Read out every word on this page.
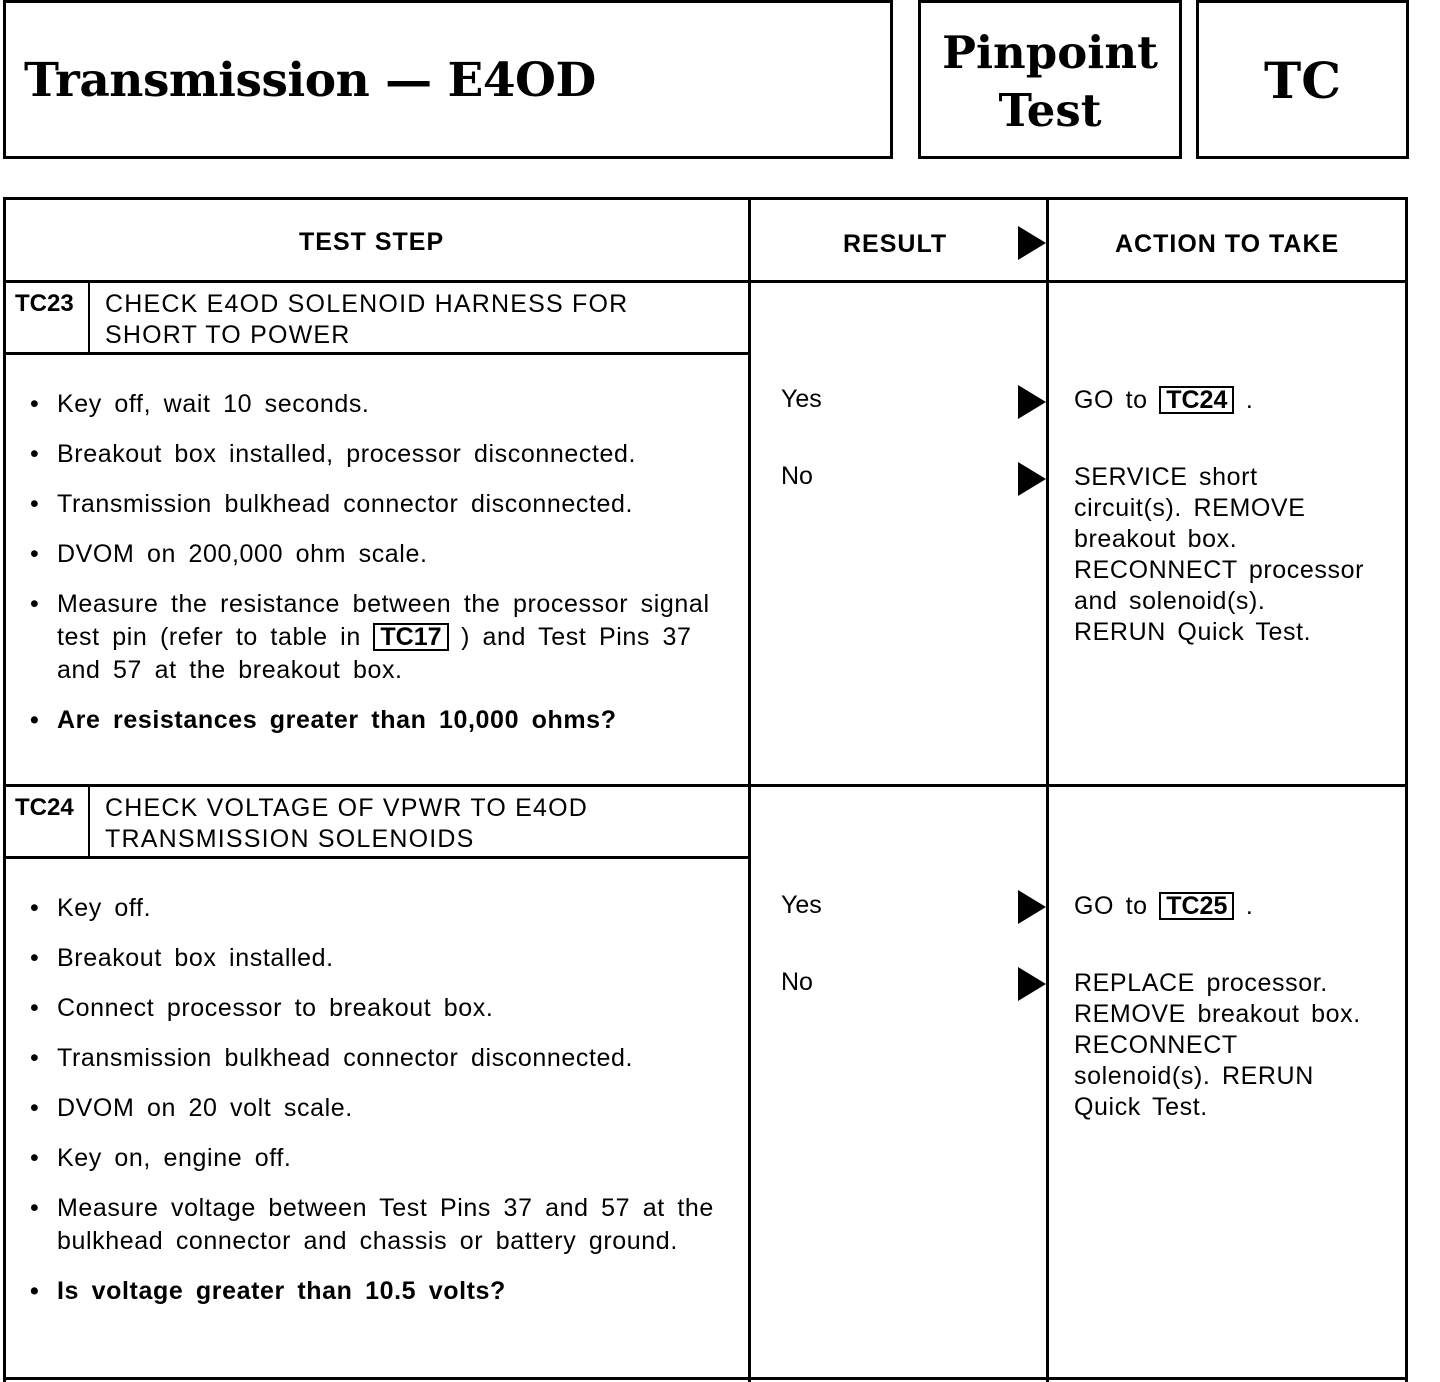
Transmission — E4OD
Pinpoint
Test
TC
TEST STEP	RESULT	ACTION TO TAKE
TC23 CHECK E4OD SOLENOID HARNESS FOR
SHORT TO POWER
• Key off, wait 10 seconds.
• Breakout box installed, processor disconnected.
• Transmission bulkhead connector disconnected.
• DVOM on 200,000 ohm scale.
• Measure the resistance between the processor signal test pin (refer to table in TC17 ) and Test Pins 37 and 57 at the breakout box.
• Are resistances greater than 10,000 ohms?
Yes	GO to TC24 .
No	SERVICE short
circuit(s). REMOVE
breakout box.
RECONNECT processor
and solenoid(s).
RERUN Quick Test.
TC24 CHECK VOLTAGE OF VPWR TO E4OD
TRANSMISSION SOLENOIDS
• Key off.
• Breakout box installed.
• Connect processor to breakout box.
• Transmission bulkhead connector disconnected.
• DVOM on 20 volt scale.
• Key on, engine off.
• Measure voltage between Test Pins 37 and 57 at the bulkhead connector and chassis or battery ground.
• Is voltage greater than 10.5 volts?
Yes	GO to TC25 .
No	REPLACE processor.
REMOVE breakout box.
RECONNECT
solenoid(s). RERUN
Quick Test.
